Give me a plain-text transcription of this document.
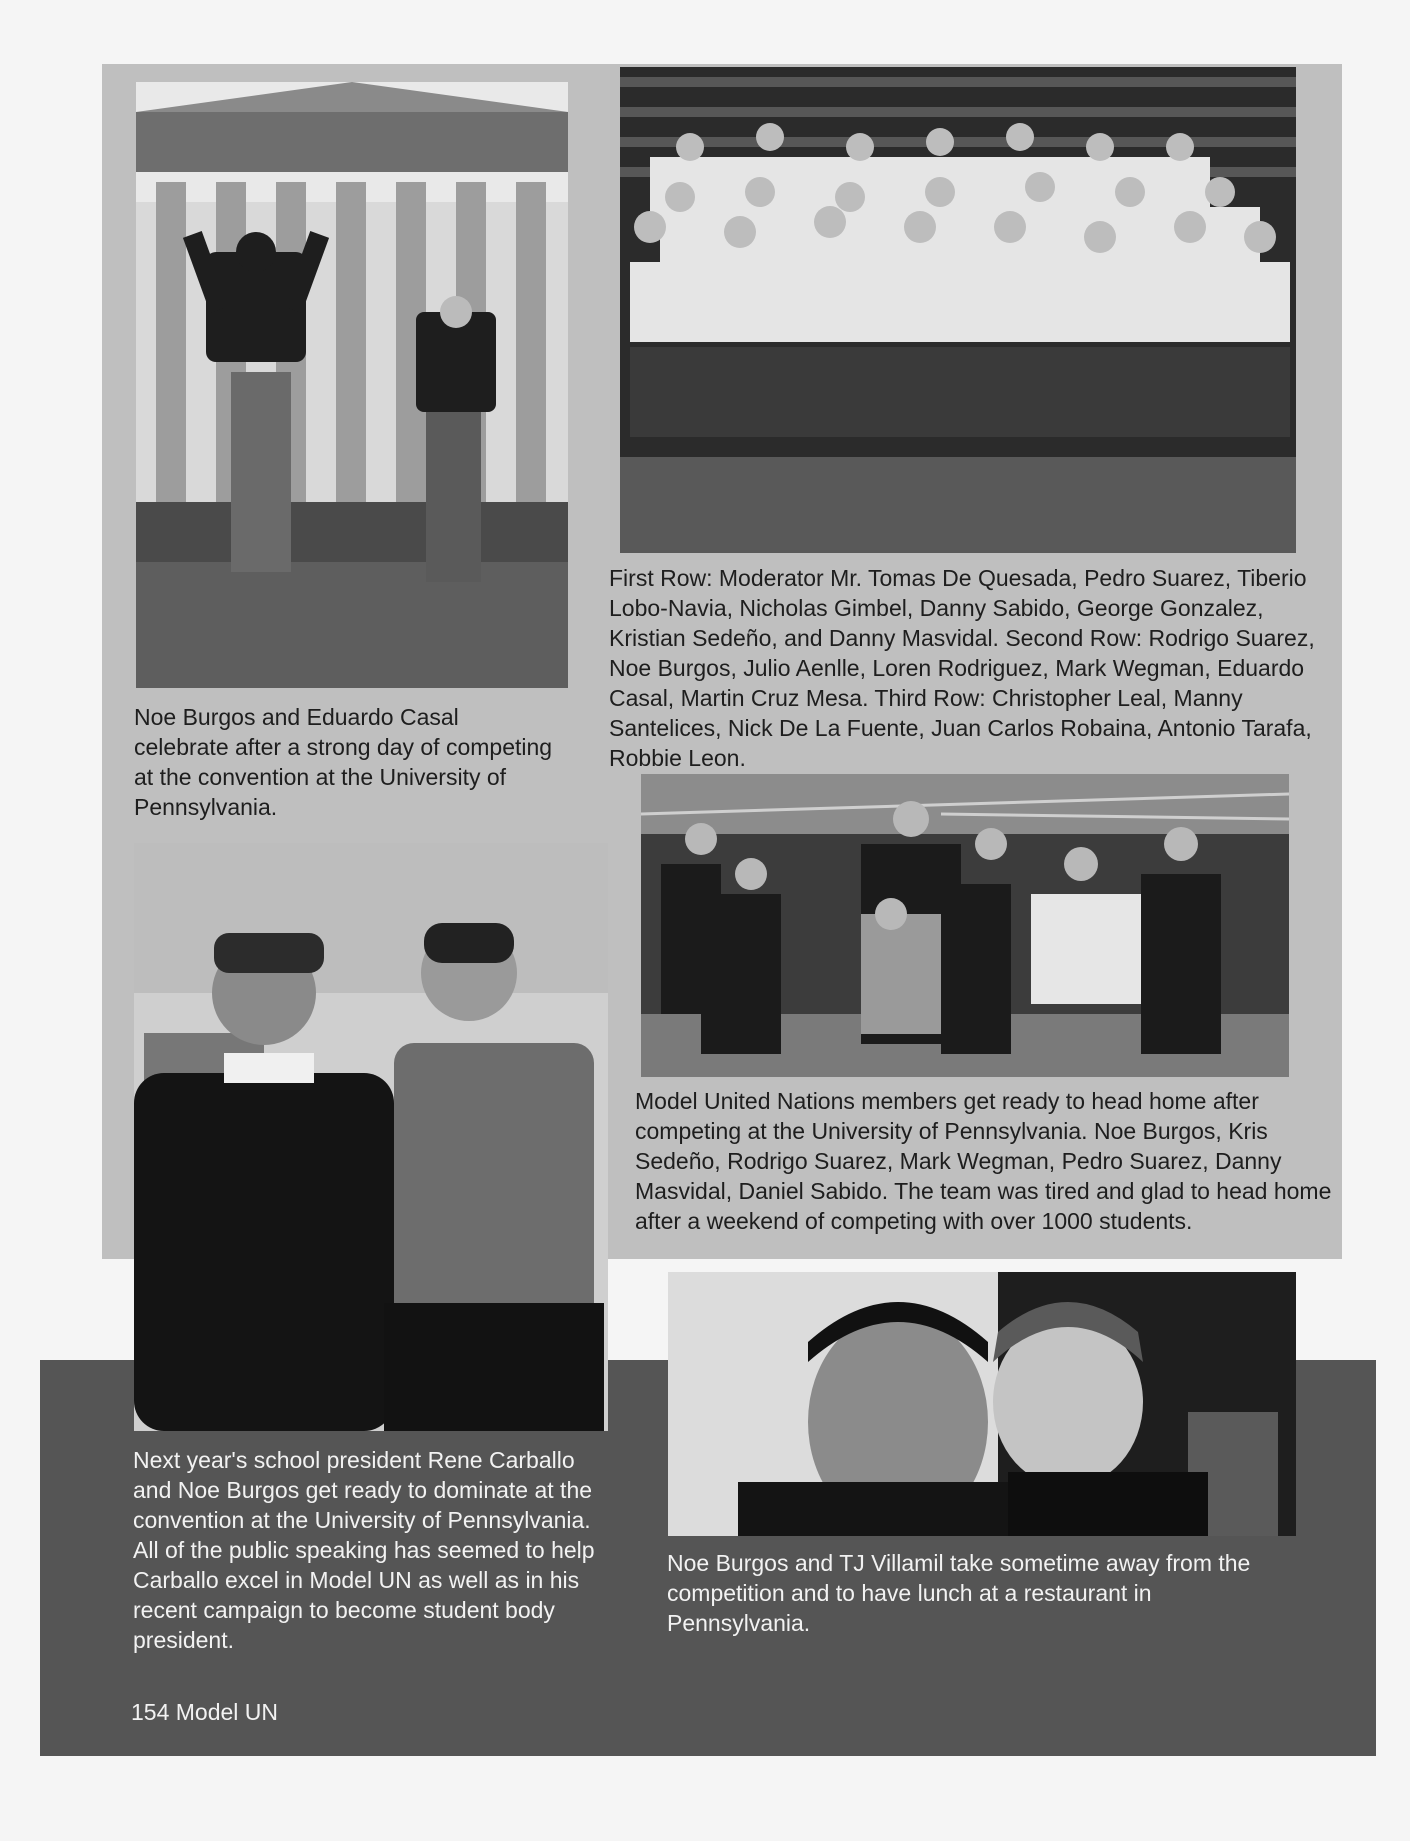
Noe Burgos and Eduardo Casal celebrate after a strong day of competing at the convention at the University of Pennsylvania.
First Row: Moderator Mr. Tomas De Quesada, Pedro Suarez, Tiberio Lobo-Navia, Nicholas Gimbel, Danny Sabido, George Gonzalez, Kristian Sedeño, and Danny Masvidal. Second Row: Rodrigo Suarez, Noe Burgos, Julio Aenlle, Loren Rodriguez, Mark Wegman, Eduardo Casal, Martin Cruz Mesa. Third Row: Christopher Leal, Manny Santelices, Nick De La Fuente, Juan Carlos Robaina, Antonio Tarafa, Robbie Leon.
Next year's school president Rene Carballo and Noe Burgos get ready to dominate at the convention at the University of Pennsylvania. All of the public speaking has seemed to help Carballo excel in Model UN as well as in his recent campaign to become student body president.
Model United Nations members get ready to head home after competing at the University of Pennsylvania. Noe Burgos, Kris Sedeño, Rodrigo Suarez, Mark Wegman, Pedro Suarez, Danny Masvidal, Daniel Sabido. The team was tired and glad to head home after a weekend of competing with over 1000 students.
Noe Burgos and TJ Villamil take sometime away from the competition and to have lunch at a restaurant in Pennsylvania.
154 Model UN
